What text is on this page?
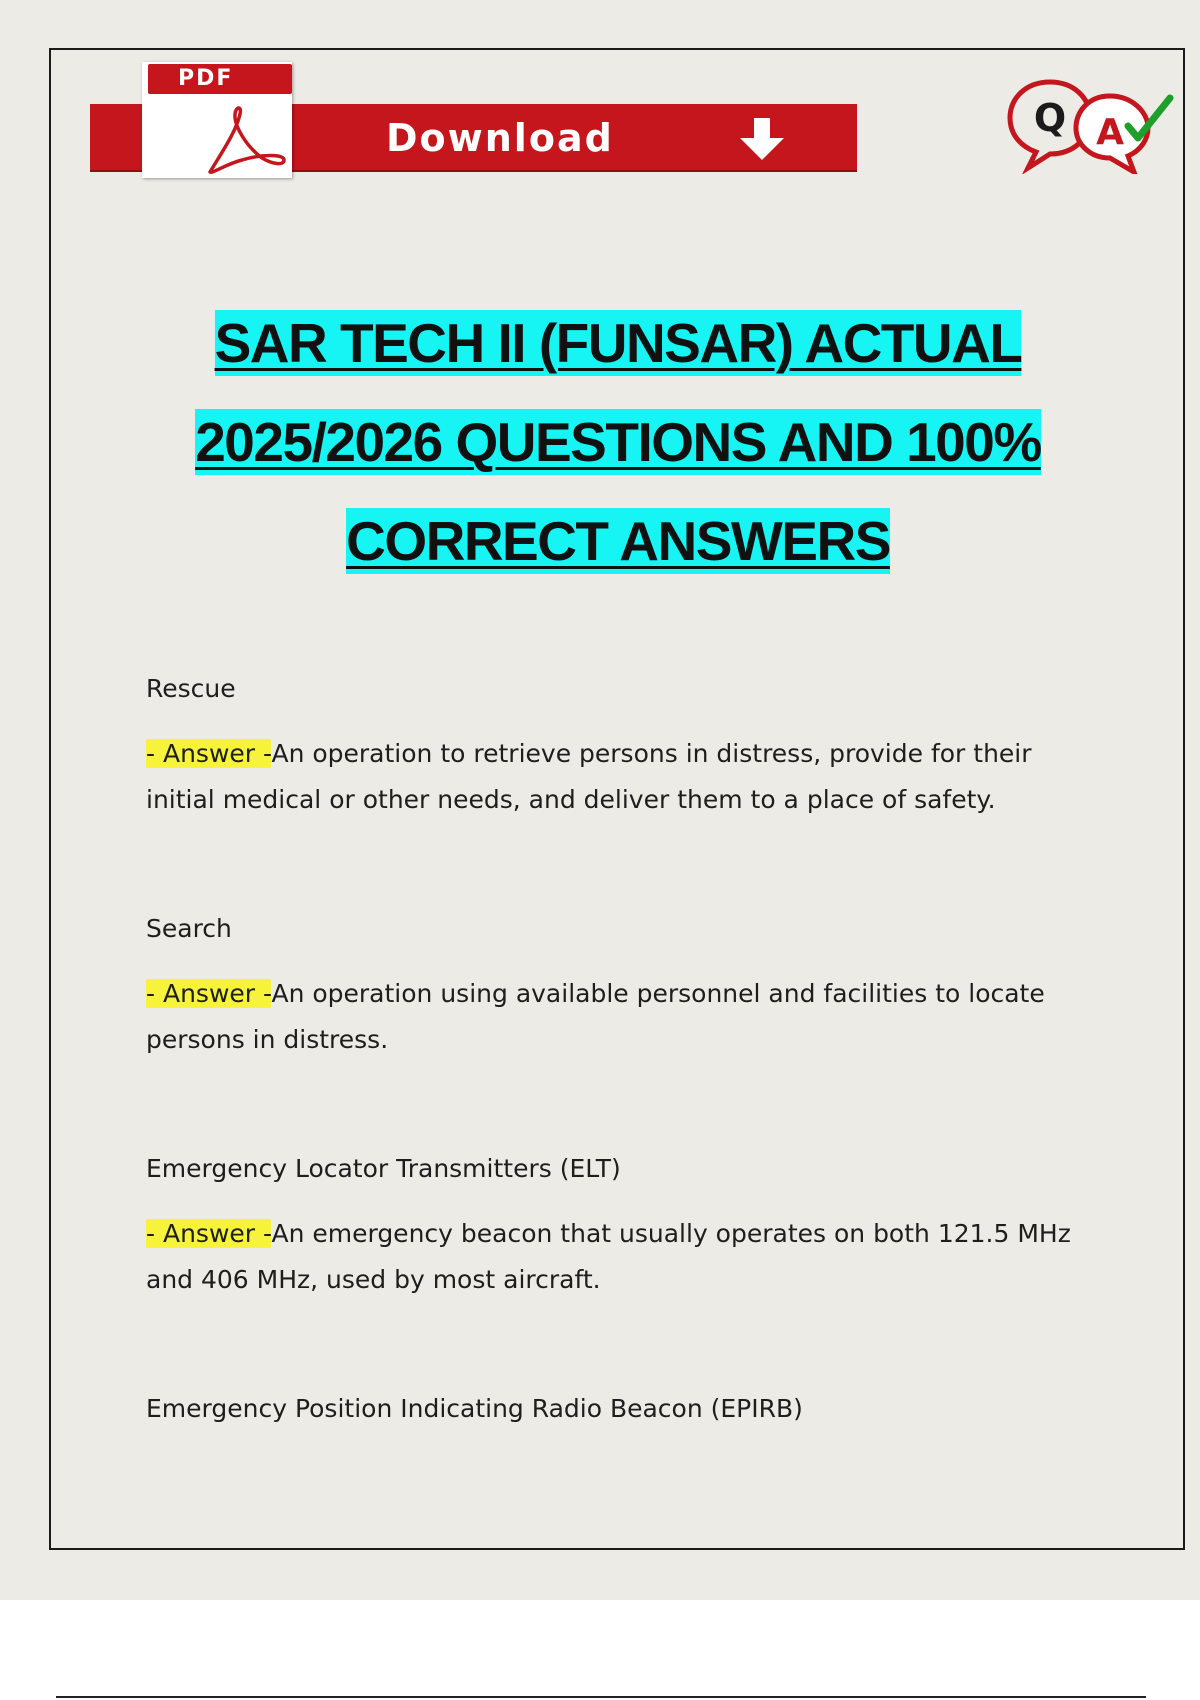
PDF
Download	Q A
SAR TECH II (FUNSAR) ACTUAL
2025/2026 QUESTIONS AND 100%
CORRECT ANSWERS
Rescue
- Answer -An operation to retrieve persons in distress, provide for their initial medical or other needs, and deliver them to a place of safety.
Search
- Answer -An operation using available personnel and facilities to locate persons in distress.
Emergency Locator Transmitters (ELT)
- Answer -An emergency beacon that usually operates on both 121.5 MHz and 406 MHz, used by most aircraft.
Emergency Position Indicating Radio Beacon (EPIRB)
